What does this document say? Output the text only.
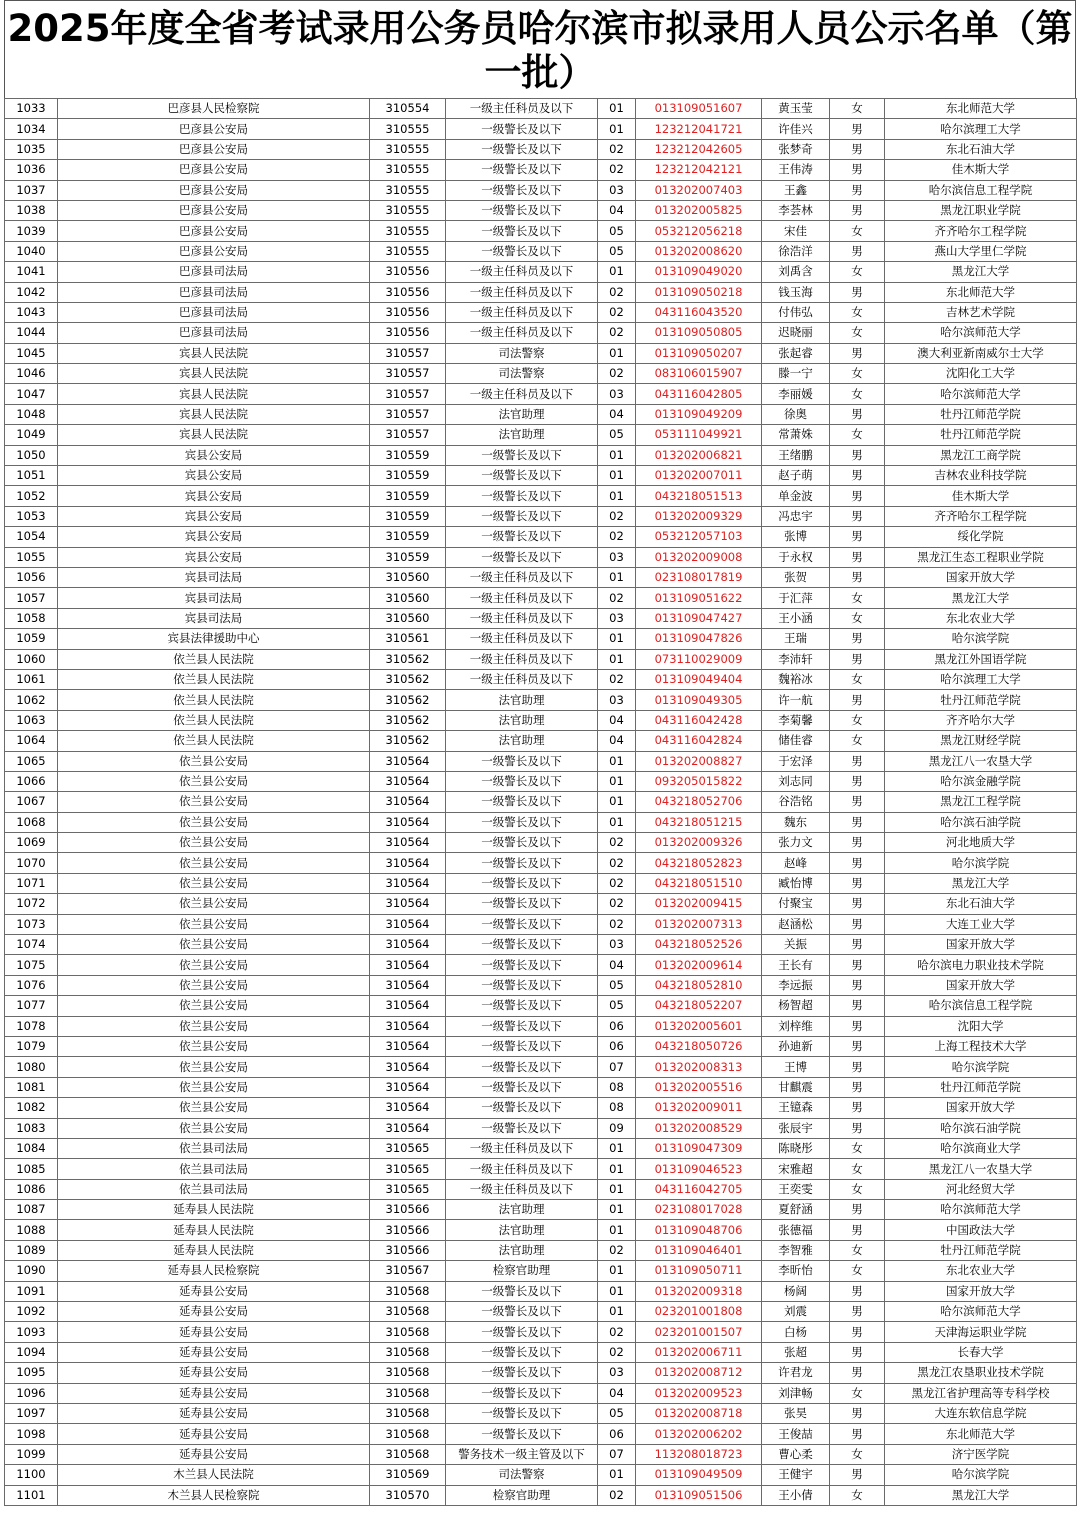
2025年度全省考试录用公务员哈尔滨市拟录用人员公示名单（第一批）
1033	巴彦县人民检察院	310554	一级主任科员及以下	01	013109051607	黄玉莹	女	东北师范大学
1034	巴彦县公安局	310555	一级警长及以下	01	123212041721	许佳兴	男	哈尔滨理工大学
1035	巴彦县公安局	310555	一级警长及以下	02	123212042605	张梦奇	男	东北石油大学
1036	巴彦县公安局	310555	一级警长及以下	02	123212042121	王伟涛	男	佳木斯大学
1037	巴彦县公安局	310555	一级警长及以下	03	013202007403	王鑫	男	哈尔滨信息工程学院
1038	巴彦县公安局	310555	一级警长及以下	04	013202005825	李荟林	男	黑龙江职业学院
1039	巴彦县公安局	310555	一级警长及以下	05	053212056218	宋佳	女	齐齐哈尔工程学院
1040	巴彦县公安局	310555	一级警长及以下	05	013202008620	徐浩洋	男	燕山大学里仁学院
1041	巴彦县司法局	310556	一级主任科员及以下	01	013109049020	刘禹含	女	黑龙江大学
1042	巴彦县司法局	310556	一级主任科员及以下	02	013109050218	钱玉海	男	东北师范大学
1043	巴彦县司法局	310556	一级主任科员及以下	02	043116043520	付伟弘	女	吉林艺术学院
1044	巴彦县司法局	310556	一级主任科员及以下	02	013109050805	迟晓丽	女	哈尔滨师范大学
1045	宾县人民法院	310557	司法警察	01	013109050207	张起睿	男	澳大利亚新南威尔士大学
1046	宾县人民法院	310557	司法警察	02	083106015907	滕一宁	女	沈阳化工大学
1047	宾县人民法院	310557	一级主任科员及以下	03	043116042805	李丽媛	女	哈尔滨师范大学
1048	宾县人民法院	310557	法官助理	04	013109049209	徐奥	男	牡丹江师范学院
1049	宾县人民法院	310557	法官助理	05	053111049921	常萧姝	女	牡丹江师范学院
1050	宾县公安局	310559	一级警长及以下	01	013202006821	王绪鹏	男	黑龙江工商学院
1051	宾县公安局	310559	一级警长及以下	01	013202007011	赵子萌	男	吉林农业科技学院
1052	宾县公安局	310559	一级警长及以下	01	043218051513	单金波	男	佳木斯大学
1053	宾县公安局	310559	一级警长及以下	02	013202009329	冯忠宇	男	齐齐哈尔工程学院
1054	宾县公安局	310559	一级警长及以下	02	053212057103	张博	男	绥化学院
1055	宾县公安局	310559	一级警长及以下	03	013202009008	于永权	男	黑龙江生态工程职业学院
1056	宾县司法局	310560	一级主任科员及以下	01	023108017819	张贺	男	国家开放大学
1057	宾县司法局	310560	一级主任科员及以下	02	013109051622	于汇萍	女	黑龙江大学
1058	宾县司法局	310560	一级主任科员及以下	03	013109047427	王小涵	女	东北农业大学
1059	宾县法律援助中心	310561	一级主任科员及以下	01	013109047826	王瑞	男	哈尔滨学院
1060	依兰县人民法院	310562	一级主任科员及以下	01	073110029009	李沛轩	男	黑龙江外国语学院
1061	依兰县人民法院	310562	一级主任科员及以下	02	013109049404	魏裕冰	女	哈尔滨理工大学
1062	依兰县人民法院	310562	法官助理	03	013109049305	许一航	男	牡丹江师范学院
1063	依兰县人民法院	310562	法官助理	04	043116042428	李菊馨	女	齐齐哈尔大学
1064	依兰县人民法院	310562	法官助理	04	043116042824	储佳睿	女	黑龙江财经学院
1065	依兰县公安局	310564	一级警长及以下	01	013202008827	于宏泽	男	黑龙江八一农垦大学
1066	依兰县公安局	310564	一级警长及以下	01	093205015822	刘志同	男	哈尔滨金融学院
1067	依兰县公安局	310564	一级警长及以下	01	043218052706	谷浩铭	男	黑龙江工程学院
1068	依兰县公安局	310564	一级警长及以下	01	043218051215	魏东	男	哈尔滨石油学院
1069	依兰县公安局	310564	一级警长及以下	02	013202009326	张力文	男	河北地质大学
1070	依兰县公安局	310564	一级警长及以下	02	043218052823	赵峰	男	哈尔滨学院
1071	依兰县公安局	310564	一级警长及以下	02	043218051510	臧怡博	男	黑龙江大学
1072	依兰县公安局	310564	一级警长及以下	02	013202009415	付聚宝	男	东北石油大学
1073	依兰县公安局	310564	一级警长及以下	02	013202007313	赵涵松	男	大连工业大学
1074	依兰县公安局	310564	一级警长及以下	03	043218052526	关振	男	国家开放大学
1075	依兰县公安局	310564	一级警长及以下	04	013202009614	王长有	男	哈尔滨电力职业技术学院
1076	依兰县公安局	310564	一级警长及以下	05	043218052810	李远振	男	国家开放大学
1077	依兰县公安局	310564	一级警长及以下	05	043218052207	杨智超	男	哈尔滨信息工程学院
1078	依兰县公安局	310564	一级警长及以下	06	013202005601	刘梓维	男	沈阳大学
1079	依兰县公安局	310564	一级警长及以下	06	043218050726	孙迪新	男	上海工程技术大学
1080	依兰县公安局	310564	一级警长及以下	07	013202008313	王博	男	哈尔滨学院
1081	依兰县公安局	310564	一级警长及以下	08	013202005516	甘麒震	男	牡丹江师范学院
1082	依兰县公安局	310564	一级警长及以下	08	013202009011	王镱森	男	国家开放大学
1083	依兰县公安局	310564	一级警长及以下	09	013202008529	张辰宇	男	哈尔滨石油学院
1084	依兰县司法局	310565	一级主任科员及以下	01	013109047309	陈晓彤	女	哈尔滨商业大学
1085	依兰县司法局	310565	一级主任科员及以下	01	013109046523	宋雅超	女	黑龙江八一农垦大学
1086	依兰县司法局	310565	一级主任科员及以下	01	043116042705	王奕雯	女	河北经贸大学
1087	延寿县人民法院	310566	法官助理	01	023108017028	夏舒涵	男	哈尔滨师范大学
1088	延寿县人民法院	310566	法官助理	01	013109048706	张德福	男	中国政法大学
1089	延寿县人民法院	310566	法官助理	02	013109046401	李智雅	女	牡丹江师范学院
1090	延寿县人民检察院	310567	检察官助理	01	013109050711	李昕怡	女	东北农业大学
1091	延寿县公安局	310568	一级警长及以下	01	013202009318	杨阔	男	国家开放大学
1092	延寿县公安局	310568	一级警长及以下	01	023201001808	刘震	男	哈尔滨师范大学
1093	延寿县公安局	310568	一级警长及以下	02	023201001507	白杨	男	天津海运职业学院
1094	延寿县公安局	310568	一级警长及以下	02	013202006711	张超	男	长春大学
1095	延寿县公安局	310568	一级警长及以下	03	013202008712	许君龙	男	黑龙江农垦职业技术学院
1096	延寿县公安局	310568	一级警长及以下	04	013202009523	刘津畅	女	黑龙江省护理高等专科学校
1097	延寿县公安局	310568	一级警长及以下	05	013202008718	张昊	男	大连东软信息学院
1098	延寿县公安局	310568	一级警长及以下	06	013202006202	王俊喆	男	东北师范大学
1099	延寿县公安局	310568	警务技术一级主管及以下	07	113208018723	曹心柔	女	济宁医学院
1100	木兰县人民法院	310569	司法警察	01	013109049509	王健宇	男	哈尔滨学院
1101	木兰县人民检察院	310570	检察官助理	02	013109051506	王小倩	女	黑龙江大学
